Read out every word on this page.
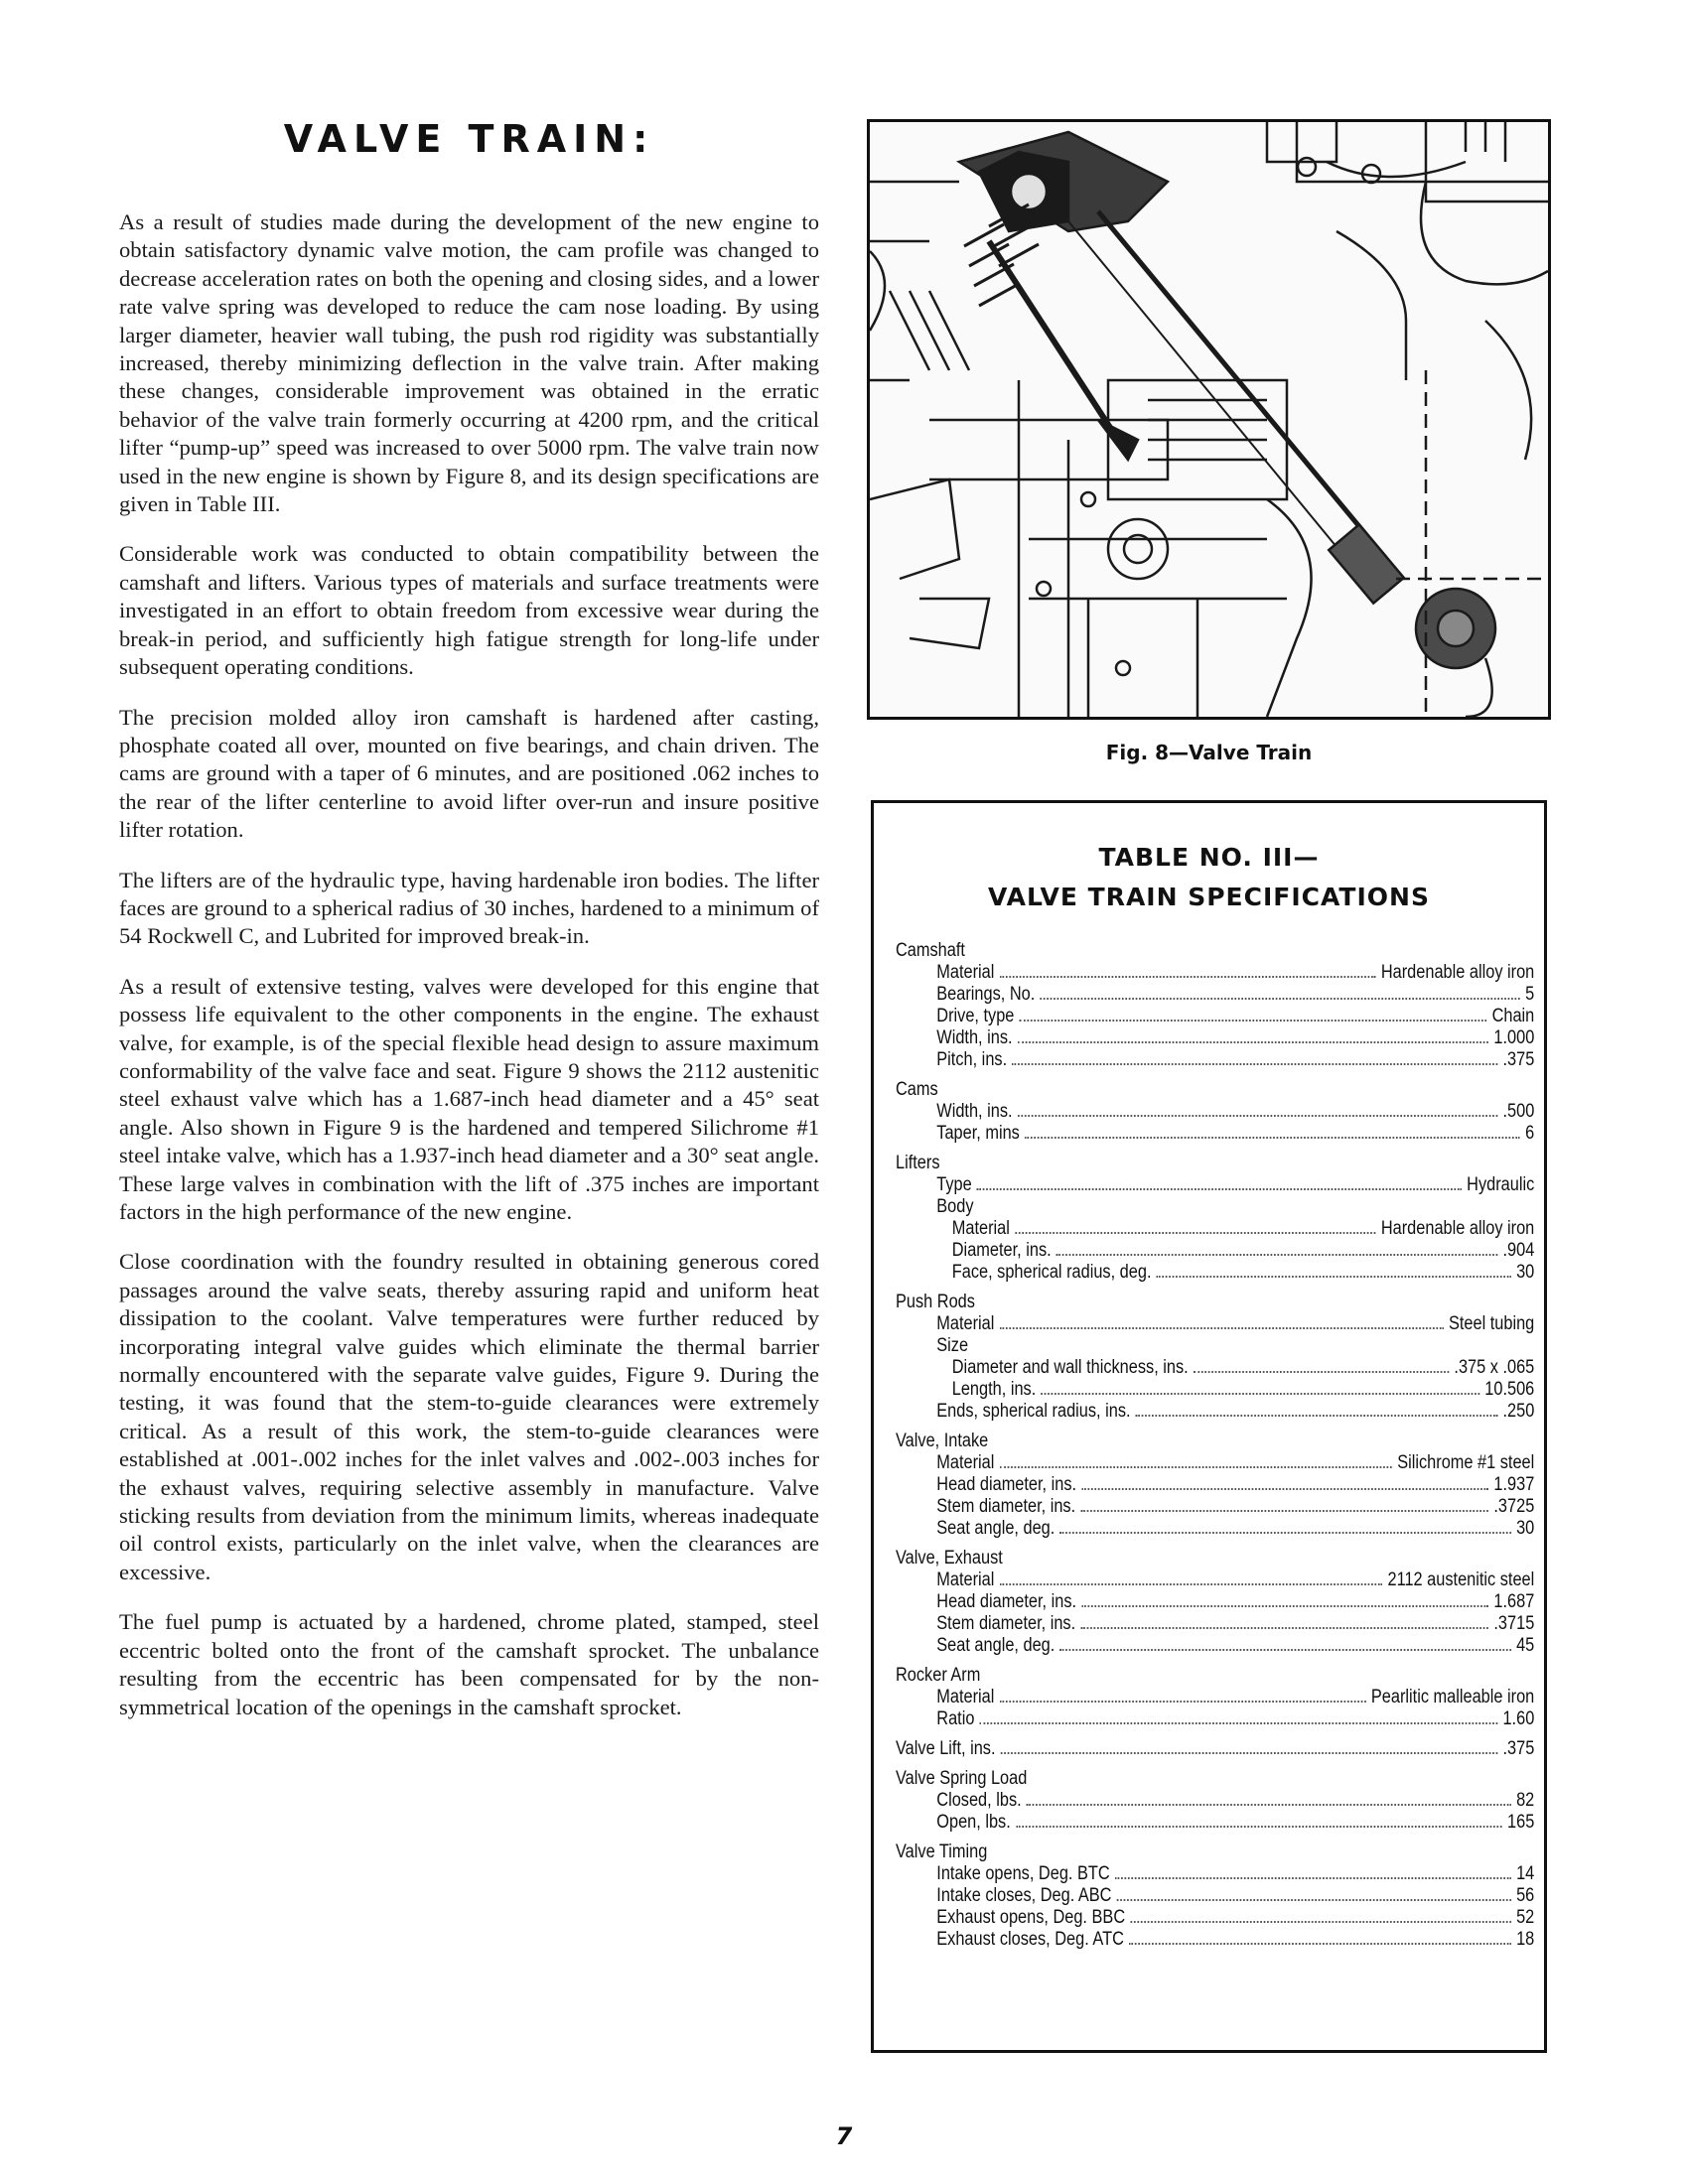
VALVE TRAIN:

As a result of studies made during the development of the new engine to obtain satisfactory dynamic valve motion, the cam profile was changed to decrease acceleration rates on both the opening and closing sides, and a lower rate valve spring was developed to reduce the cam nose loading. By using larger diameter, heavier wall tubing, the push rod rigidity was substantially increased, thereby minimizing deflection in the valve train. After making these changes, considerable improvement was obtained in the erratic behavior of the valve train formerly occurring at 4200 rpm, and the critical lifter “pump-up” speed was increased to over 5000 rpm. The valve train now used in the new engine is shown by Figure 8, and its design specifications are given in Table III.

Considerable work was conducted to obtain compatibility between the camshaft and lifters. Various types of materials and surface treatments were investigated in an effort to obtain freedom from excessive wear during the break-in period, and sufficiently high fatigue strength for long-life under subsequent operating conditions.

The precision molded alloy iron camshaft is hardened after casting, phosphate coated all over, mounted on five bearings, and chain driven. The cams are ground with a taper of 6 minutes, and are positioned .062 inches to the rear of the lifter centerline to avoid lifter over-run and insure positive lifter rotation.

The lifters are of the hydraulic type, having hardenable iron bodies. The lifter faces are ground to a spherical radius of 30 inches, hardened to a minimum of 54 Rockwell C, and Lubrited for improved break-in.

As a result of extensive testing, valves were developed for this engine that possess life equivalent to the other components in the engine. The exhaust valve, for example, is of the special flexible head design to assure maximum conformability of the valve face and seat. Figure 9 shows the 2112 austenitic steel exhaust valve which has a 1.687-inch head diameter and a 45° seat angle. Also shown in Figure 9 is the hardened and tempered Silichrome #1 steel intake valve, which has a 1.937-inch head diameter and a 30° seat angle. These large valves in combination with the lift of .375 inches are important factors in the high performance of the new engine.

Close coordination with the foundry resulted in obtaining generous cored passages around the valve seats, thereby assuring rapid and uniform heat dissipation to the coolant. Valve temperatures were further reduced by incorporating integral valve guides which eliminate the thermal barrier normally encountered with the separate valve guides, Figure 9. During the testing, it was found that the stem-to-guide clearances were extremely critical. As a result of this work, the stem-to-guide clearances were established at .001-.002 inches for the inlet valves and .002-.003 inches for the exhaust valves, requiring selective assembly in manufacture. Valve sticking results from deviation from the minimum limits, whereas inadequate oil control exists, particularly on the inlet valve, when the clearances are excessive.

The fuel pump is actuated by a hardened, chrome plated, stamped, steel eccentric bolted onto the front of the camshaft sprocket. The unbalance resulting from the eccentric has been compensated for by the non-symmetrical location of the openings in the camshaft sprocket.

Fig. 8—Valve Train
TABLE NO. III—
VALVE TRAIN SPECIFICATIONS
Camshaft
Material	Hardenable alloy iron
Bearings, No.	5
Drive, type	Chain
Width, ins.	1.000
Pitch, ins.	.375
Cams
Width, ins.	.500
Taper, mins	6
Lifters
Type	Hydraulic
Body
Material	Hardenable alloy iron
Diameter, ins.	.904
Face, spherical radius, deg.	30
Push Rods
Material	Steel tubing
Size
Diameter and wall thickness, ins.	.375 x .065
Length, ins.	10.506
Ends, spherical radius, ins.	.250
Valve, Intake
Material	Silichrome #1 steel
Head diameter, ins.	1.937
Stem diameter, ins.	.3725
Seat angle, deg.	30
Valve, Exhaust
Material	2112 austenitic steel
Head diameter, ins.	1.687
Stem diameter, ins.	.3715
Seat angle, deg.	45
Rocker Arm
Material	Pearlitic malleable iron
Ratio	1.60
Valve Lift, ins.	.375
Valve Spring Load
Closed, lbs.	82
Open, lbs.	165
Valve Timing
Intake opens, Deg. BTC	14
Intake closes, Deg. ABC	56
Exhaust opens, Deg. BBC	52
Exhaust closes, Deg. ATC	18
7
